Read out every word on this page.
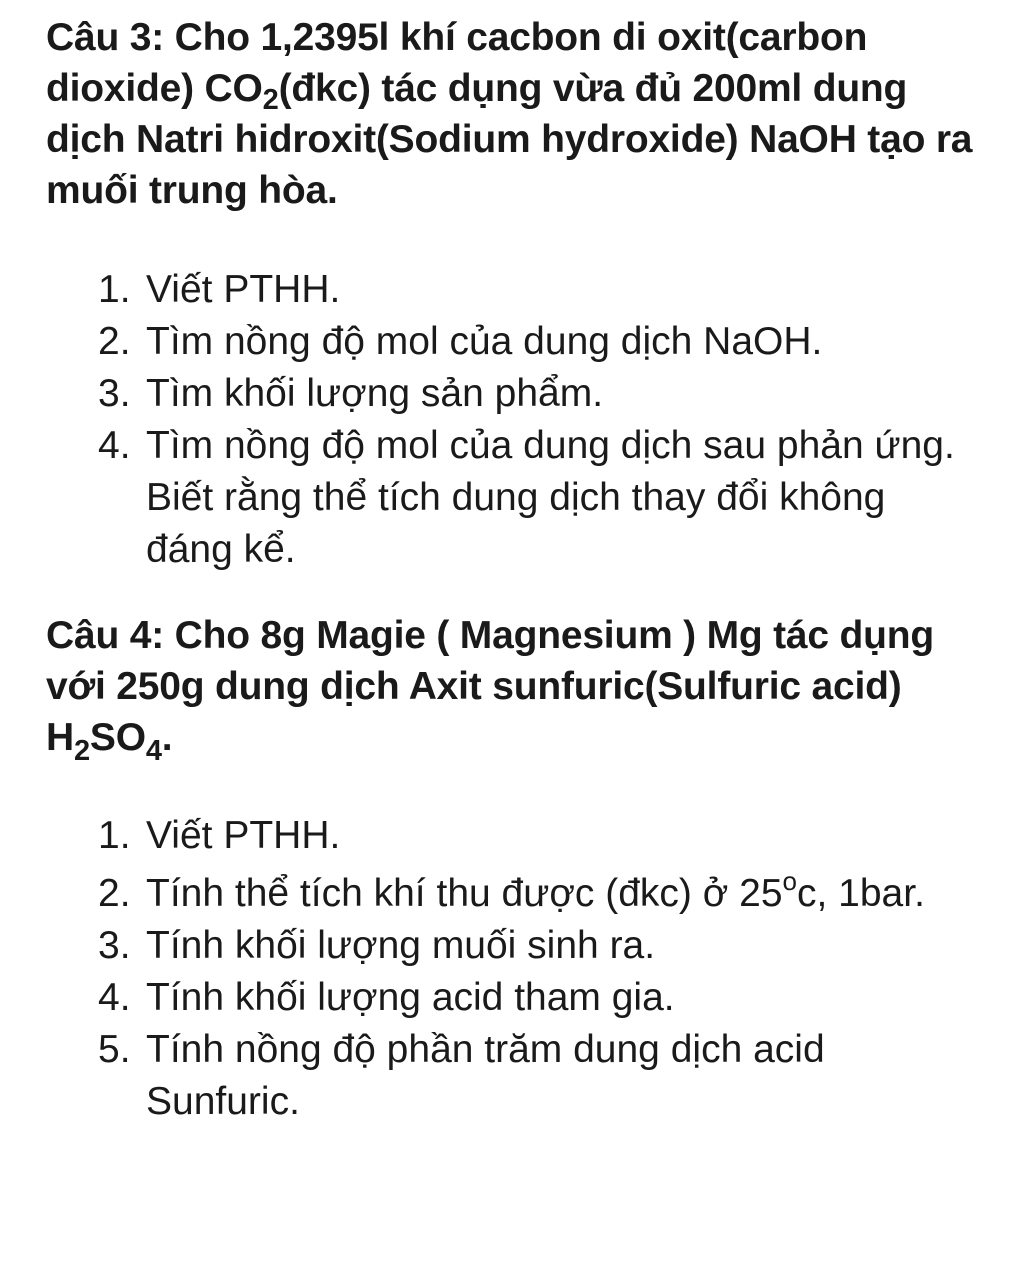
Câu 3: Cho 1,2395l khí cacbon di oxit(carbon dioxide) $CO_2(đkc)$ tác dụng vừa đủ 200ml dung dịch Natri hidroxit(Sodium hydroxide) NaOH tạo ra muối trung hòa.
1. Viết PTHH.
2. Tìm nồng độ mol của dung dịch NaOH.
3. Tìm khối lượng sản phẩm.
4. Tìm nồng độ mol của dung dịch sau phản ứng. Biết rằng thể tích dung dịch thay đổi không đáng kể.
Câu 4: Cho 8g Magie ( Magnesium ) Mg tác dụng với 250g dung dịch Axit sunfuric(Sulfuric acid) $H_2SO_4$.
1. Viết PTHH.
2. Tính thể tích khí thu được (đkc) ở 25$^o$c, 1bar.
3. Tính khối lượng muối sinh ra.
4. Tính khối lượng acid tham gia.
5. Tính nồng độ phần trăm dung dịch acid Sunfuric.
